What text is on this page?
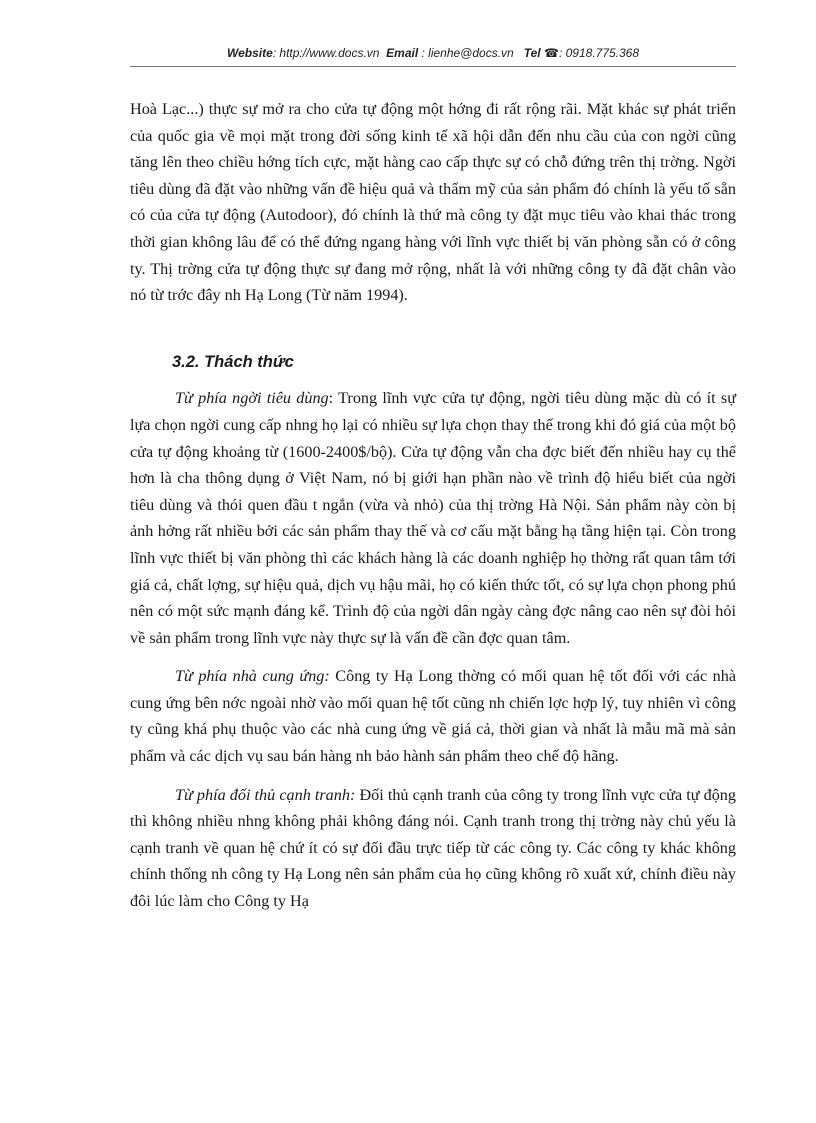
Website: http://www.docs.vn Email : lienhe@docs.vn Tel ☎: 0918.775.368

Hoà Lạc...) thực sự mở ra cho cửa tự động một hớng đi rất rộng rãi. Mặt khác sự phát triển của quốc gia về mọi mặt trong đời sống kinh tế xã hội dẫn đến nhu cầu của con ngời cũng tăng lên theo chiều hớng tích cực, mặt hàng cao cấp thực sự có chỗ đứng trên thị trờng. Ngời tiêu dùng đã đặt vào những vấn đề hiệu quả và thẩm mỹ của sản phẩm đó chính là yếu tố sẵn có của cửa tự động (Autodoor), đó chính là thứ mà công ty đặt mục tiêu vào khai thác trong thời gian không lâu để có thể đứng ngang hàng với lĩnh vực thiết bị văn phòng sẵn có ở công ty. Thị trờng cửa tự động thực sự đang mở rộng, nhất là với những công ty đã đặt chân vào nó từ trớc đây nh Hạ Long (Từ năm 1994).

3.2. Thách thức

Từ phía ngời tiêu dùng: Trong lĩnh vực cửa tự động, ngời tiêu dùng mặc dù có ít sự lựa chọn ngời cung cấp nhng họ lại có nhiều sự lựa chọn thay thế trong khi đó giá của một bộ cửa tự động khoảng từ (1600-2400$/bộ). Cửa tự động vẫn cha đợc biết đến nhiều hay cụ thể hơn là cha thông dụng ở Việt Nam, nó bị giới hạn phần nào về trình độ hiểu biết của ngời tiêu dùng và thói quen đầu t ngắn (vừa và nhỏ) của thị trờng Hà Nội. Sản phẩm này còn bị ảnh hởng rất nhiều bởi các sản phẩm thay thế và cơ cấu mặt bằng hạ tầng hiện tại. Còn trong lĩnh vực thiết bị văn phòng thì các khách hàng là các doanh nghiệp họ thờng rất quan tâm tới giá cả, chất lợng, sự hiệu quả, dịch vụ hậu mãi, họ có kiến thức tốt, có sự lựa chọn phong phú nên có một sức mạnh đáng kể. Trình độ của ngời dân ngày càng đợc nâng cao nên sự đòi hỏi về sản phẩm trong lĩnh vực này thực sự là vấn đề cần đợc quan tâm.

Từ phía nhà cung ứng: Công ty Hạ Long thờng có mối quan hệ tốt đối với các nhà cung ứng bên nớc ngoài nhờ vào mối quan hệ tốt cũng nh chiến lợc hợp lý, tuy nhiên vì công ty cũng khá phụ thuộc vào các nhà cung ứng về giá cả, thời gian và nhất là mẫu mã mà sản phẩm và các dịch vụ sau bán hàng nh bảo hành sản phẩm theo chế độ hãng.

Từ phía đối thủ cạnh tranh: Đối thủ cạnh tranh của công ty trong lĩnh vực cửa tự động thì không nhiều nhng không phải không đáng nói. Cạnh tranh trong thị trờng này chủ yếu là cạnh tranh về quan hệ chứ ít có sự đối đầu trực tiếp từ các công ty. Các công ty khác không chính thống nh công ty Hạ Long nên sản phẩm của họ cũng không rõ xuất xứ, chính điều này đôi lúc làm cho Công ty Hạ
